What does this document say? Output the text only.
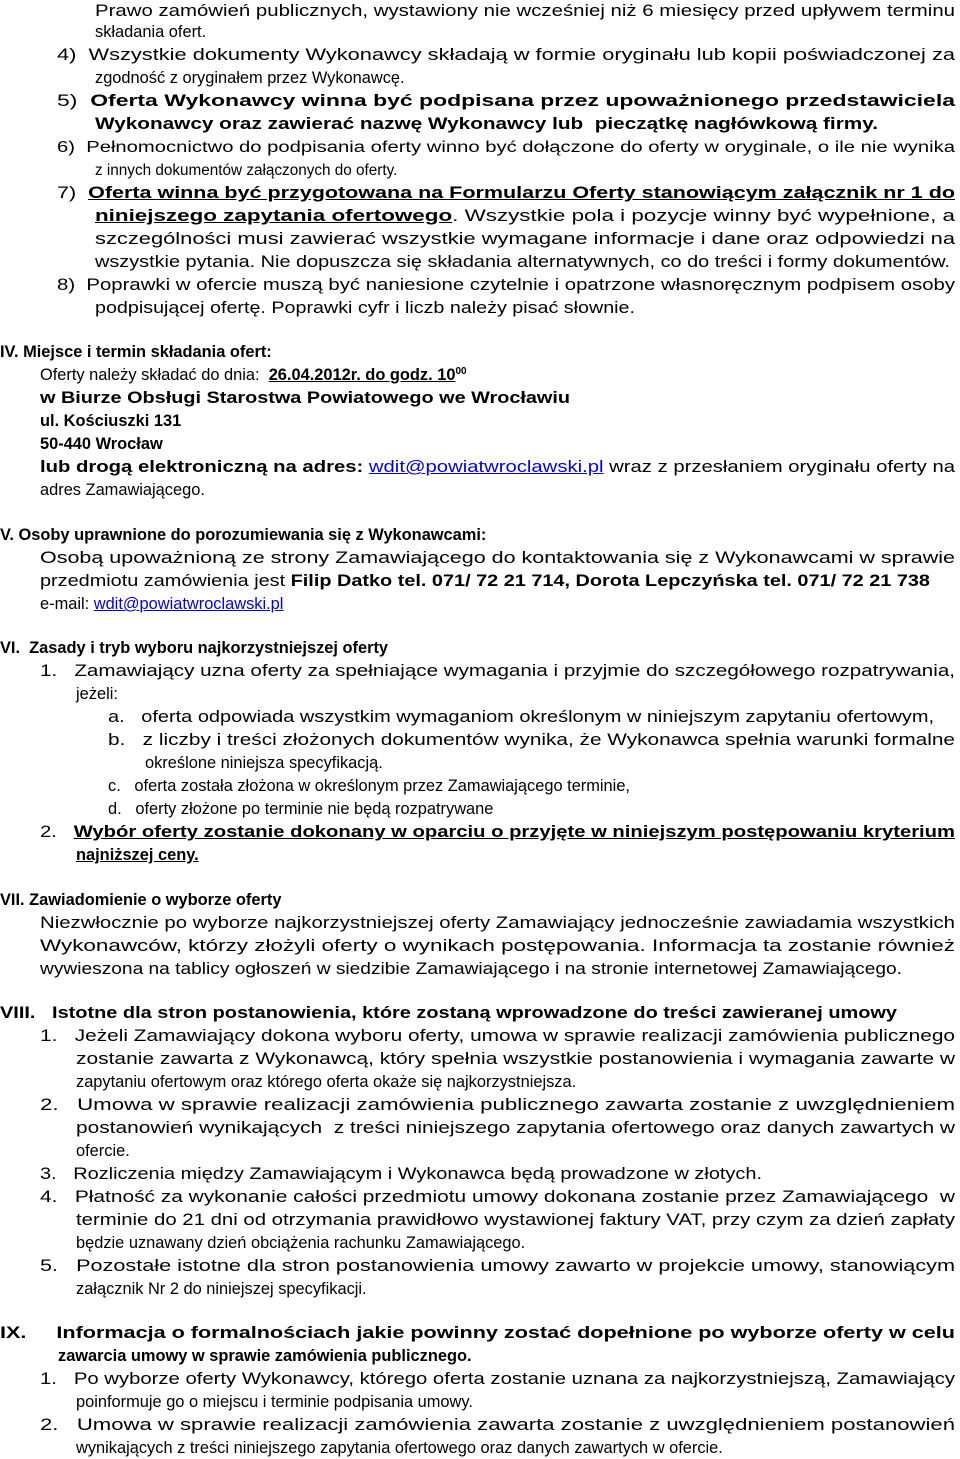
Prawo zamówień publicznych, wystawiony nie wcześniej niż 6 miesięcy przed upływem terminu
składania ofert.
4)  Wszystkie dokumenty Wykonawcy składają w formie oryginału lub kopii poświadczonej za
zgodność z oryginałem przez Wykonawcę.
5)  Oferta Wykonawcy winna być podpisana przez upoważnionego przedstawiciela
Wykonawcy oraz zawierać nazwę Wykonawcy lub  pieczątkę nagłówkową firmy.
6)  Pełnomocnictwo do podpisania oferty winno być dołączone do oferty w oryginale, o ile nie wynika
z innych dokumentów załączonych do oferty.
7)  Oferta winna być przygotowana na Formularzu Oferty stanowiącym załącznik nr 1 do
niniejszego zapytania ofertowego. Wszystkie pola i pozycje winny być wypełnione, a
szczególności musi zawierać wszystkie wymagane informacje i dane oraz odpowiedzi na
wszystkie pytania. Nie dopuszcza się składania alternatywnych, co do treści i formy dokumentów.
8)  Poprawki w ofercie muszą być naniesione czytelnie i opatrzone własnoręcznym podpisem osoby
podpisującej ofertę. Poprawki cyfr i liczb należy pisać słownie.
IV. Miejsce i termin składania ofert:
Oferty należy składać do dnia:  26.04.2012r. do godz. $10^{00}$
w Biurze Obsługi Starostwa Powiatowego we Wrocławiu
ul. Kościuszki 131
50-440 Wrocław
lub drogą elektroniczną na adres: wdit@powiatwroclawski.pl wraz z przesłaniem oryginału oferty na
adres Zamawiającego.
V. Osoby uprawnione do porozumiewania się z Wykonawcami:
Osobą upoważnioną ze strony Zamawiającego do kontaktowania się z Wykonawcami w sprawie
przedmiotu zamówienia jest Filip Datko tel. 071/ 72 21 714, Dorota Lepczyńska tel. 071/ 72 21 738
e-mail: wdit@powiatwroclawski.pl
VI.  Zasady i tryb wyboru najkorzystniejszej oferty
1.   Zamawiający uzna oferty za spełniające wymagania i przyjmie do szczegółowego rozpatrywania,
jeżeli:
a.   oferta odpowiada wszystkim wymaganiom określonym w niniejszym zapytaniu ofertowym,
b.   z liczby i treści złożonych dokumentów wynika, że Wykonawca spełnia warunki formalne
określone niniejsza specyfikacją.
c.   oferta została złożona w określonym przez Zamawiającego terminie,
d.   oferty złożone po terminie nie będą rozpatrywane
2.   Wybór oferty zostanie dokonany w oparciu o przyjęte w niniejszym postępowaniu kryterium
najniższej ceny.
VII. Zawiadomienie o wyborze oferty
Niezwłocznie po wyborze najkorzystniejszej oferty Zamawiający jednocześnie zawiadamia wszystkich
Wykonawców, którzy złożyli oferty o wynikach postępowania. Informacja ta zostanie również
wywieszona na tablicy ogłoszeń w siedzibie Zamawiającego i na stronie internetowej Zamawiającego.
VIII.   Istotne dla stron postanowienia, które zostaną wprowadzone do treści zawieranej umowy
1.   Jeżeli Zamawiający dokona wyboru oferty, umowa w sprawie realizacji zamówienia publicznego
zostanie zawarta z Wykonawcą, który spełnia wszystkie postanowienia i wymagania zawarte w
zapytaniu ofertowym oraz którego oferta okaże się najkorzystniejsza.
2.   Umowa w sprawie realizacji zamówienia publicznego zawarta zostanie z uwzględnieniem
postanowień wynikających  z treści niniejszego zapytania ofertowego oraz danych zawartych w
ofercie.
3.   Rozliczenia między Zamawiającym i Wykonawca będą prowadzone w złotych.
4.   Płatność za wykonanie całości przedmiotu umowy dokonana zostanie przez Zamawiającego  w
terminie do 21 dni od otrzymania prawidłowo wystawionej faktury VAT, przy czym za dzień zapłaty
będzie uznawany dzień obciążenia rachunku Zamawiającego.
5.   Pozostałe istotne dla stron postanowienia umowy zawarto w projekcie umowy, stanowiącym
załącznik Nr 2 do niniejszej specyfikacji.
IX.     Informacja o formalnościach jakie powinny zostać dopełnione po wyborze oferty w celu
zawarcia umowy w sprawie zamówienia publicznego.
1.   Po wyborze oferty Wykonawcy, którego oferta zostanie uznana za najkorzystniejszą, Zamawiający
poinformuje go o miejscu i terminie podpisania umowy.
2.   Umowa w sprawie realizacji zamówienia zawarta zostanie z uwzględnieniem postanowień
wynikających z treści niniejszego zapytania ofertowego oraz danych zawartych w ofercie.
